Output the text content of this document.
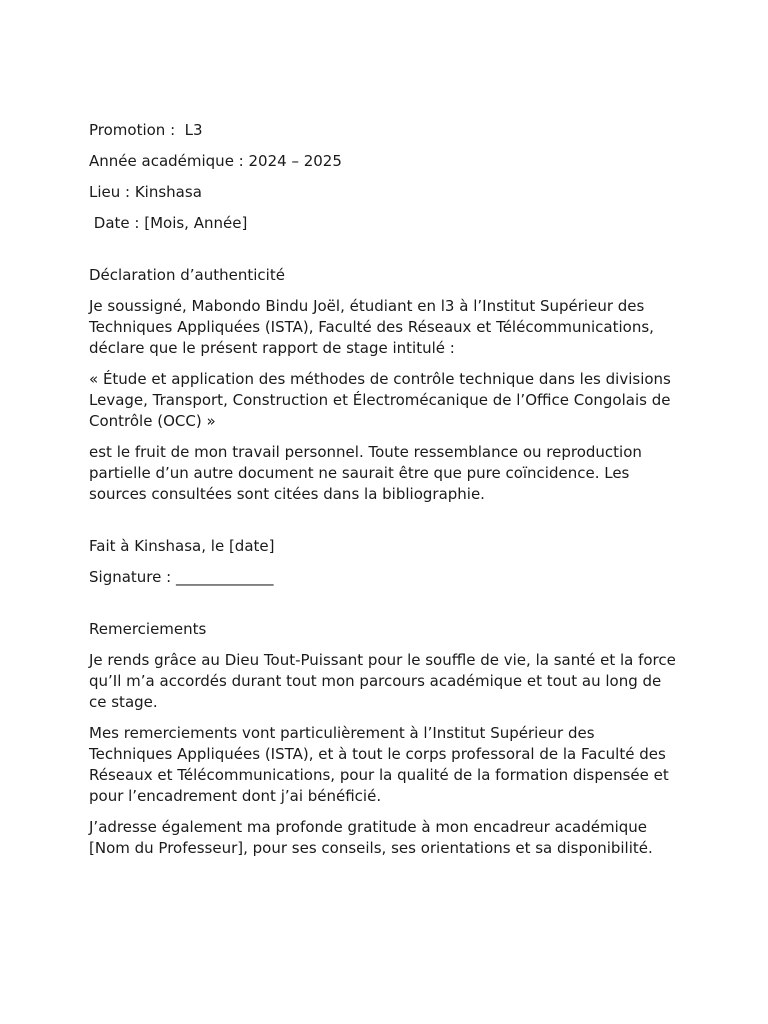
Promotion :  L3

Année académique : 2024 – 2025

Lieu : Kinshasa

Date : [Mois, Année]

Déclaration d’authenticité

Je soussigné, Mabondo Bindu Joël, étudiant en l3 à l’Institut Supérieur des Techniques Appliquées (ISTA), Faculté des Réseaux et Télécommunications, déclare que le présent rapport de stage intitulé :

« Étude et application des méthodes de contrôle technique dans les divisions Levage, Transport, Construction et Électromécanique de l’Office Congolais de Contrôle (OCC) »

est le fruit de mon travail personnel. Toute ressemblance ou reproduction partielle d’un autre document ne saurait être que pure coïncidence. Les sources consultées sont citées dans la bibliographie.

Fait à Kinshasa, le [date]

Signature : _____________

Remerciements

Je rends grâce au Dieu Tout-Puissant pour le souffle de vie, la santé et la force qu’Il m’a accordés durant tout mon parcours académique et tout au long de ce stage.

Mes remerciements vont particulièrement à l’Institut Supérieur des Techniques Appliquées (ISTA), et à tout le corps professoral de la Faculté des Réseaux et Télécommunications, pour la qualité de la formation dispensée et pour l’encadrement dont j’ai bénéficié.

J’adresse également ma profonde gratitude à mon encadreur académique [Nom du Professeur], pour ses conseils, ses orientations et sa disponibilité.
